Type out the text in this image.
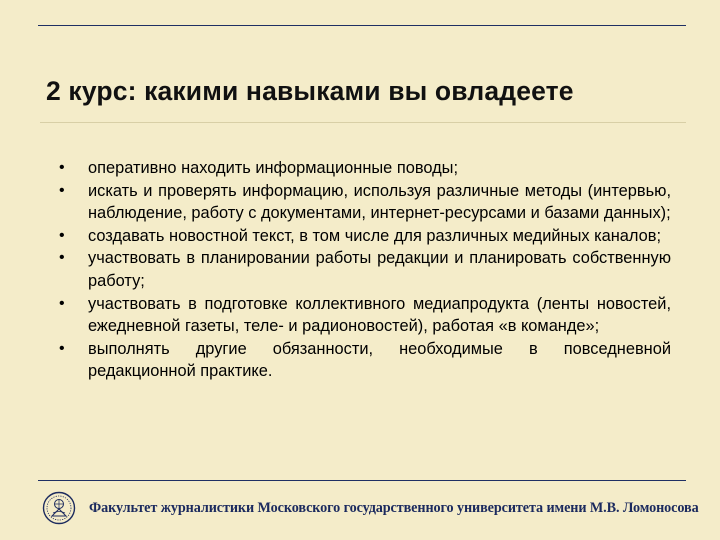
2 курс: какими навыками вы овладеете
• оперативно находить информационные поводы;
• искать и проверять информацию, используя различные методы (интервью, наблюдение, работу с документами, интернет-ресурсами и базами данных);
• создавать новостной текст, в том числе для различных медийных каналов;
• участвовать в планировании работы редакции и планировать собственную работу;
• участвовать в подготовке коллективного медиапродукта (ленты новостей, ежедневной газеты, теле- и радионовостей), работая «в команде»;
• выполнять другие обязанности, необходимые в повседневной редакционной практике.
Факультет журналистики Московского государственного университета имени М.В. Ломоносова
